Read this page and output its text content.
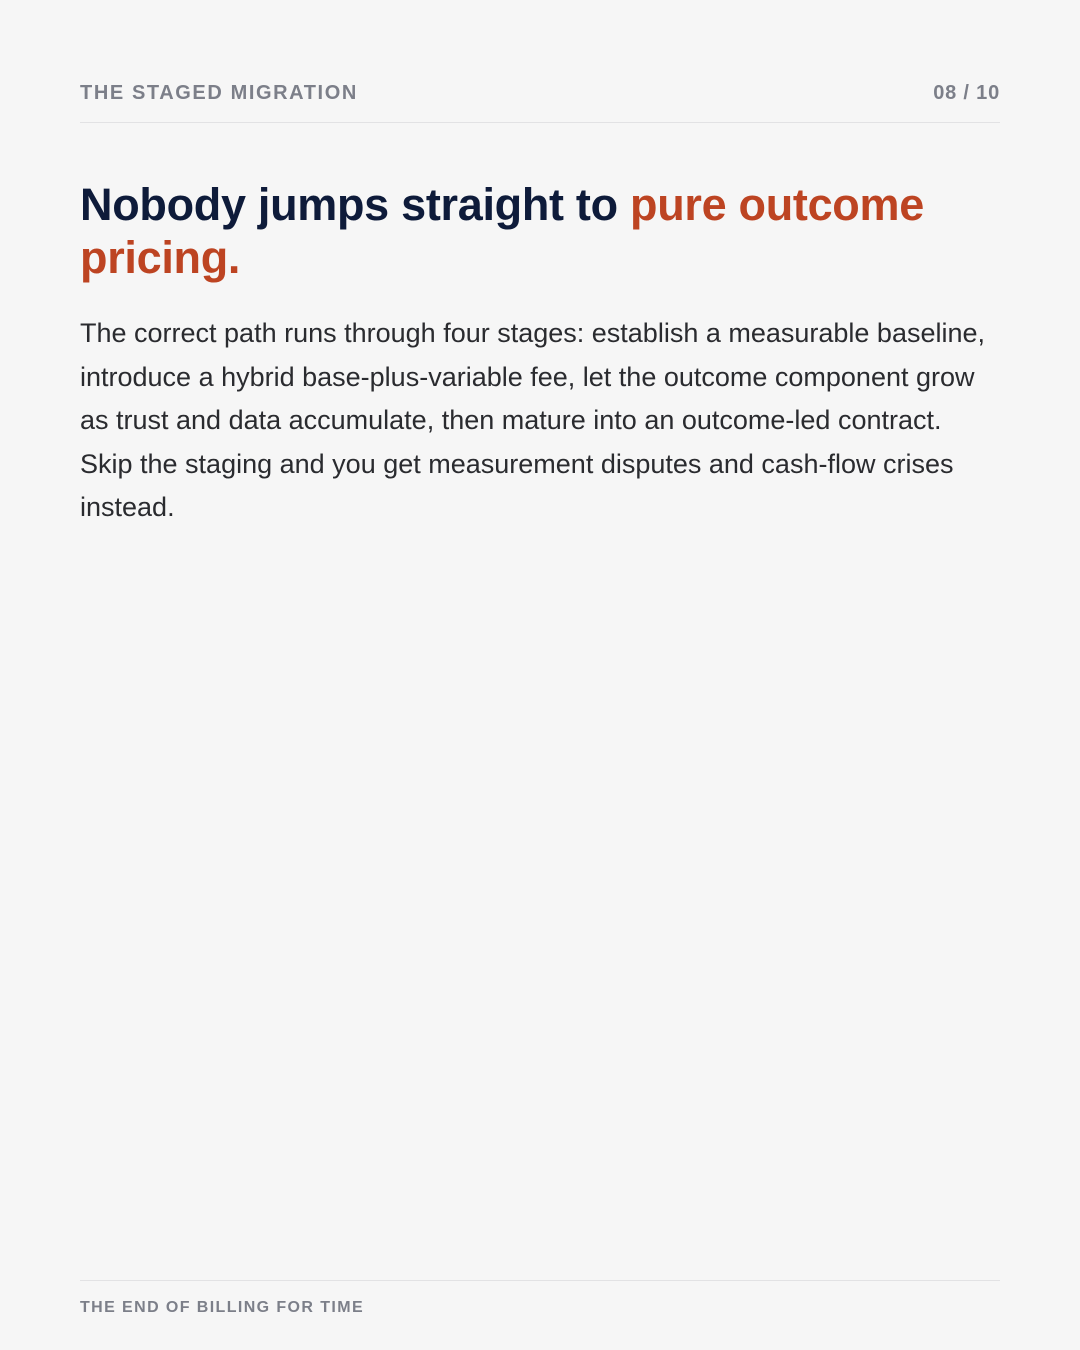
THE STAGED MIGRATION	08 / 10
Nobody jumps straight to pure outcome pricing.

The correct path runs through four stages: establish a measurable baseline, introduce a hybrid base-plus-variable fee, let the outcome component grow as trust and data accumulate, then mature into an outcome-led contract. Skip the staging and you get measurement disputes and cash-flow crises instead.

THE END OF BILLING FOR TIME
